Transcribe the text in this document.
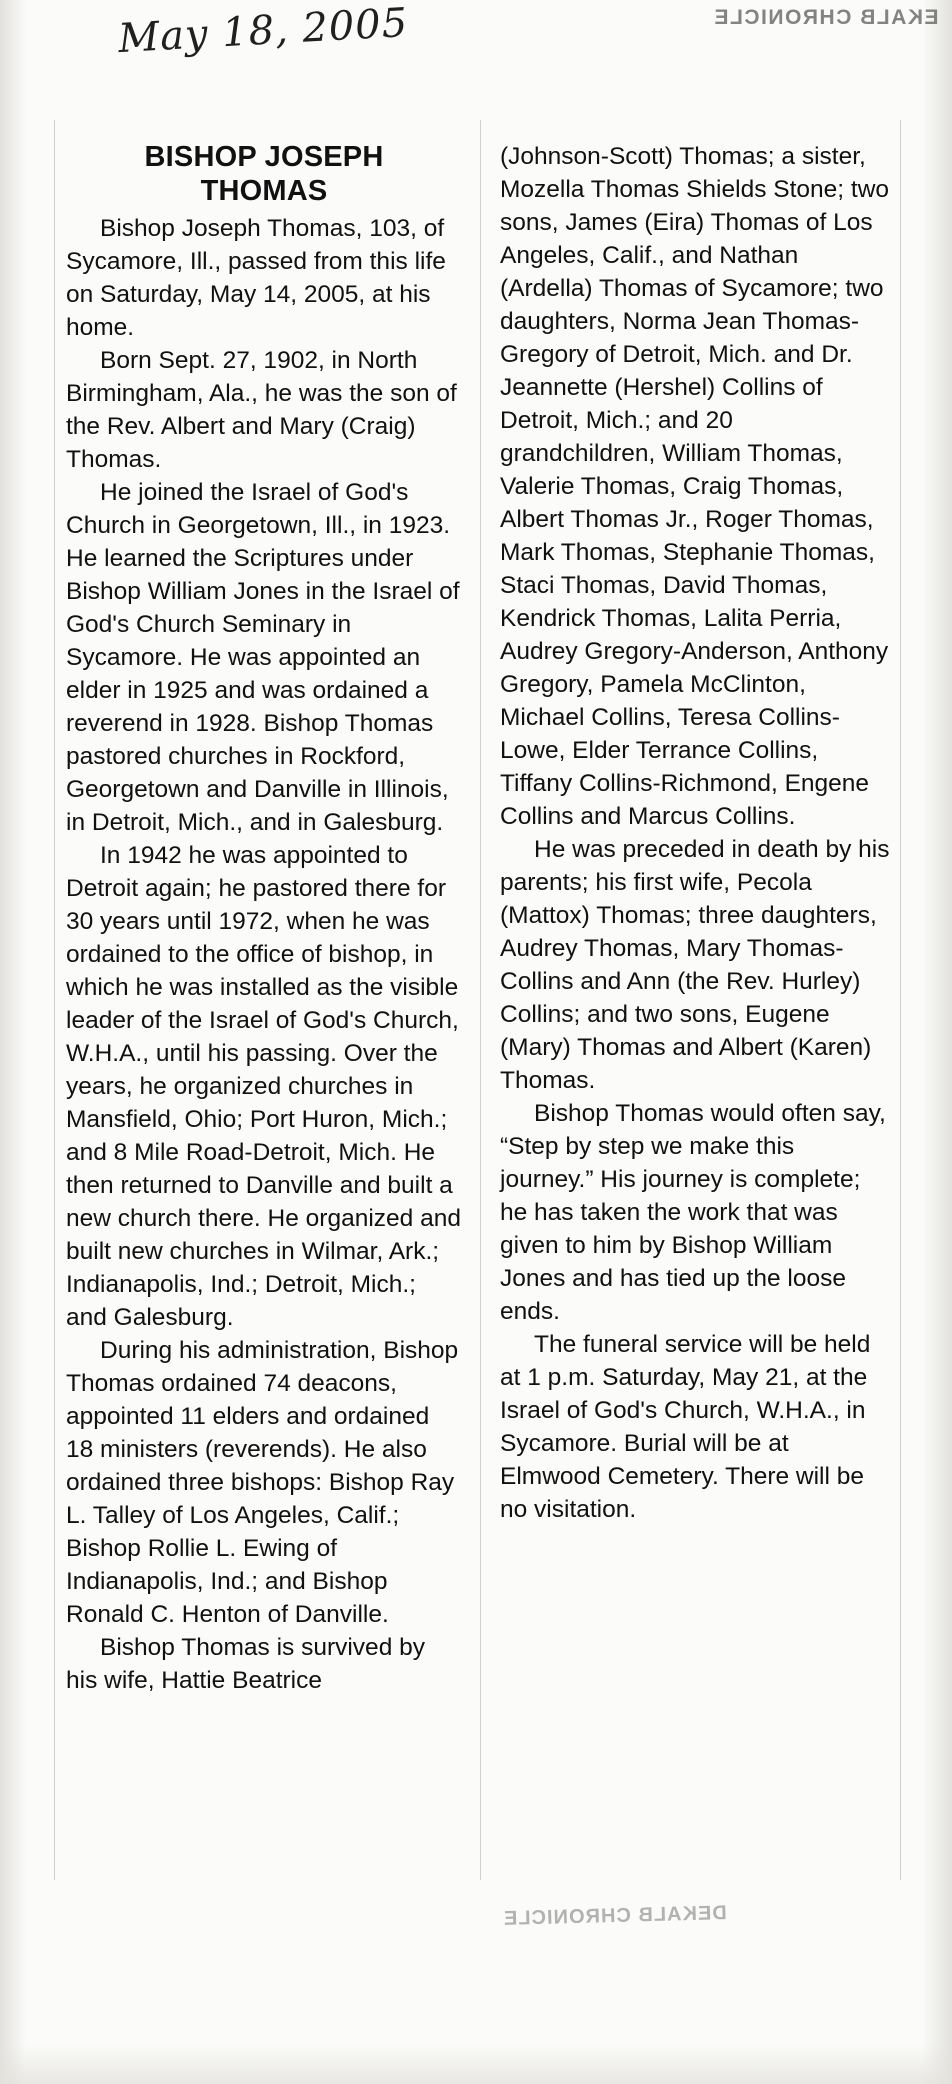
May 18, 2005	EKALB CHRONICLE
DEKALB CHRONICLE
BISHOP JOSEPH
THOMAS

Bishop Joseph Thomas, 103, of Sycamore, Ill., passed from this life on Saturday, May 14, 2005, at his home.

Born Sept. 27, 1902, in North Birmingham, Ala., he was the son of the Rev. Albert and Mary (Craig) Thomas.

He joined the Israel of God's Church in Georgetown, Ill., in 1923. He learned the Scriptures under Bishop William Jones in the Israel of God's Church Seminary in Sycamore. He was appointed an elder in 1925 and was ordained a reverend in 1928. Bishop Thomas pastored churches in Rockford, Georgetown and Danville in Illinois, in Detroit, Mich., and in Galesburg.

In 1942 he was appointed to Detroit again; he pastored there for 30 years until 1972, when he was ordained to the office of bishop, in which he was installed as the visible leader of the Israel of God's Church, W.H.A., until his passing. Over the years, he organized churches in Mansfield, Ohio; Port Huron, Mich.; and 8 Mile Road-Detroit, Mich. He then returned to Danville and built a new church there. He organized and built new churches in Wilmar, Ark.; Indianapolis, Ind.; Detroit, Mich.; and Galesburg.

During his administration, Bishop Thomas ordained 74 deacons, appointed 11 elders and ordained 18 ministers (reverends). He also ordained three bishops: Bishop Ray L. Talley of Los Angeles, Calif.; Bishop Rollie L. Ewing of Indianapolis, Ind.; and Bishop Ronald C. Henton of Danville.

Bishop Thomas is survived by his wife, Hattie Beatrice

(Johnson-Scott) Thomas; a sister, Mozella Thomas Shields Stone; two sons, James (Eira) Thomas of Los Angeles, Calif., and Nathan (Ardella) Thomas of Sycamore; two daughters, Norma Jean Thomas-Gregory of Detroit, Mich. and Dr. Jeannette (Hershel) Collins of Detroit, Mich.; and 20 grandchildren, William Thomas, Valerie Thomas, Craig Thomas, Albert Thomas Jr., Roger Thomas, Mark Thomas, Stephanie Thomas, Staci Thomas, David Thomas, Kendrick Thomas, Lalita Perria, Audrey Gregory-Anderson, Anthony Gregory, Pamela McClinton, Michael Collins, Teresa Collins-Lowe, Elder Terrance Collins, Tiffany Collins-Richmond, Engene Collins and Marcus Collins.

He was preceded in death by his parents; his first wife, Pecola (Mattox) Thomas; three daughters, Audrey Thomas, Mary Thomas-Collins and Ann (the Rev. Hurley) Collins; and two sons, Eugene (Mary) Thomas and Albert (Karen) Thomas.

Bishop Thomas would often say, “Step by step we make this journey.” His journey is complete; he has taken the work that was given to him by Bishop William Jones and has tied up the loose ends.

The funeral service will be held at 1 p.m. Saturday, May 21, at the Israel of God's Church, W.H.A., in Sycamore. Burial will be at Elmwood Cemetery. There will be no visitation.
